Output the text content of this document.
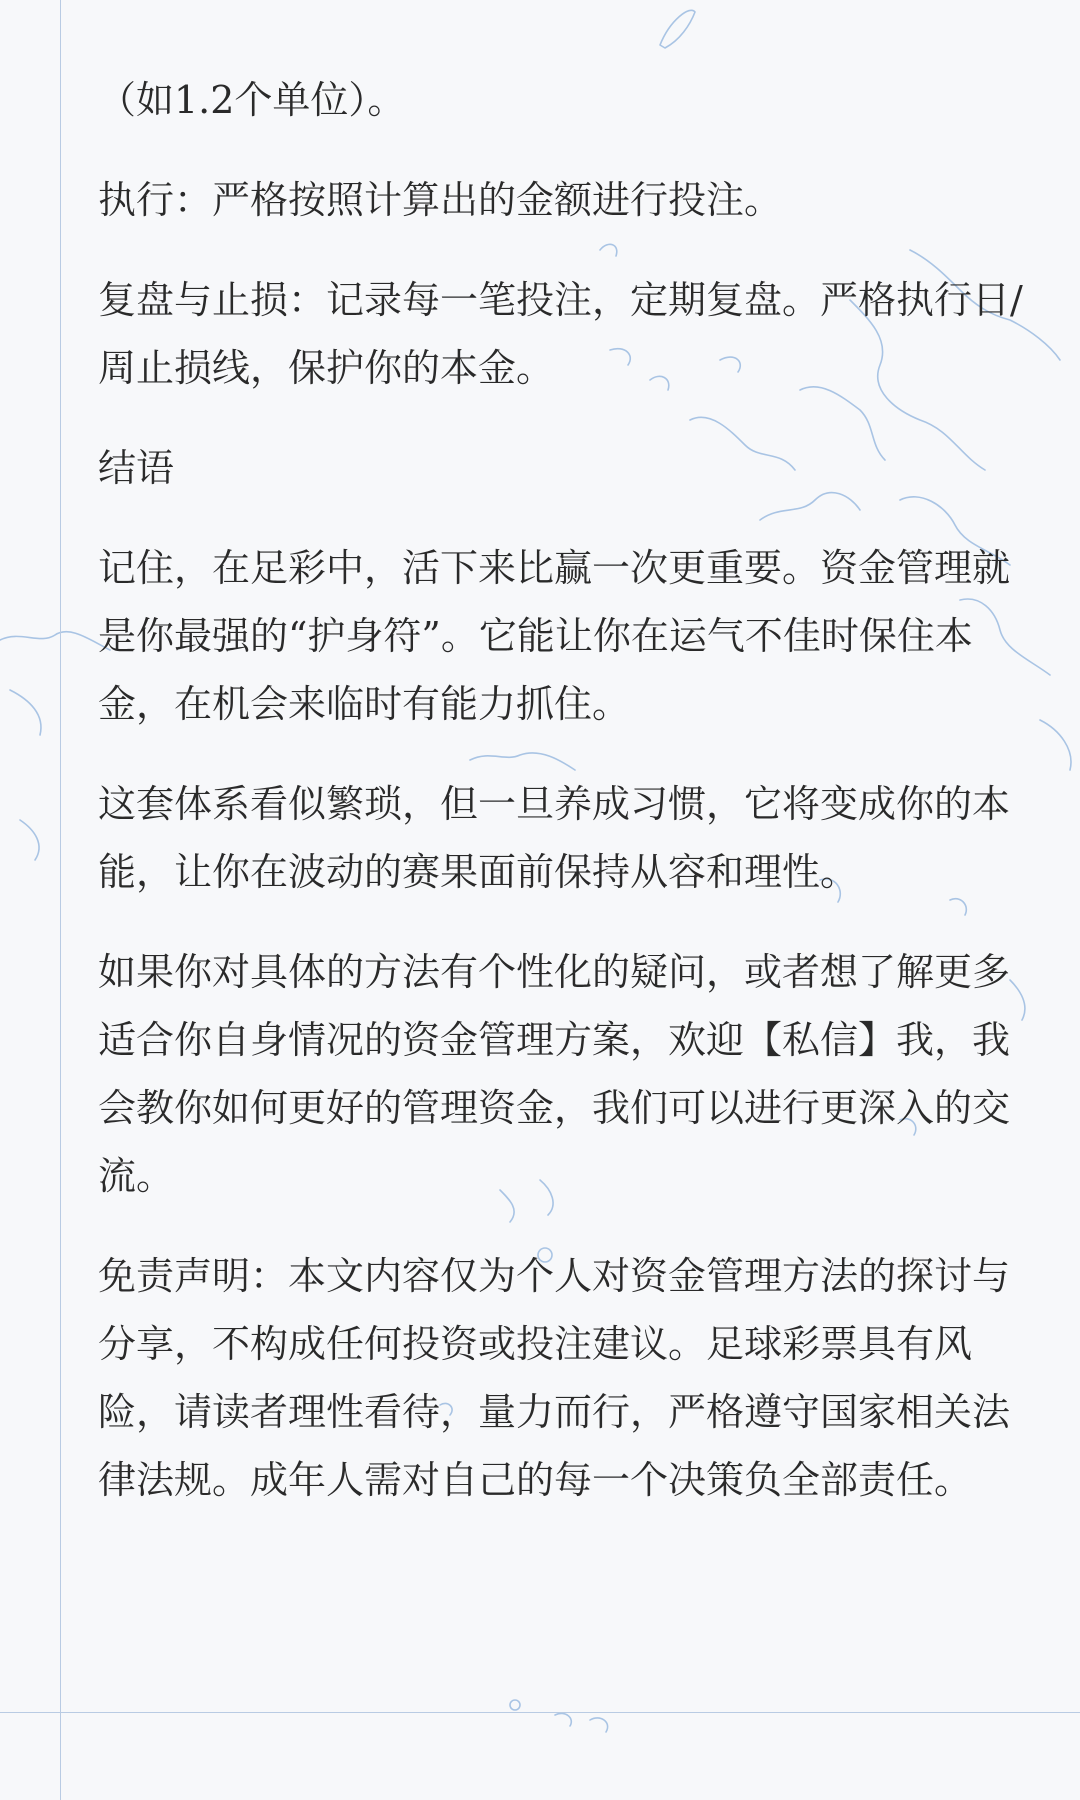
（如1.2个单位）。

执行：严格按照计算出的金额进行投注。

复盘与止损：记录每一笔投注，定期复盘。严格执行日/周止损线，保护你的本金。

结语

记住，在足彩中，活下来比赢一次更重要。资金管理就是你最强的“护身符”。它能让你在运气不佳时保住本金，在机会来临时有能力抓住。

这套体系看似繁琐，但一旦养成习惯，它将变成你的本能，让你在波动的赛果面前保持从容和理性。

如果你对具体的方法有个性化的疑问，或者想了解更多适合你自身情况的资金管理方案，欢迎【私信】我，我会教你如何更好的管理资金，我们可以进行更深入的交流。

免责声明：本文内容仅为个人对资金管理方法的探讨与分享，不构成任何投资或投注建议。足球彩票具有风险，请读者理性看待，量力而行，严格遵守国家相关法律法规。成年人需对自己的每一个决策负全部责任。
